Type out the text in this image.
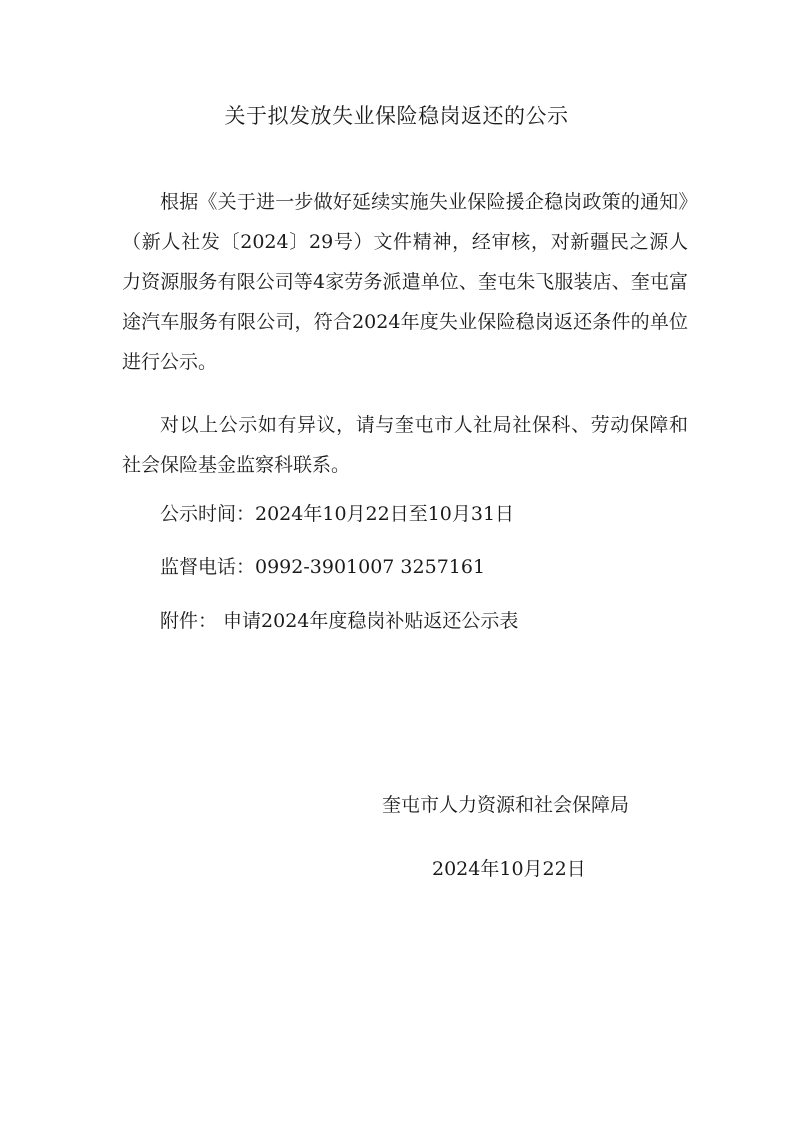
关于拟发放失业保险稳岗返还的公示

根据《关于进一步做好延续实施失业保险援企稳岗政策的通知》（新人社发〔2024〕29号）文件精神，经审核，对新疆民之源人力资源服务有限公司等4家劳务派遣单位、奎屯朱飞服装店、奎屯富途汽车服务有限公司，符合2024年度失业保险稳岗返还条件的单位进行公示。

对以上公示如有异议，请与奎屯市人社局社保科、劳动保障和社会保险基金监察科联系。

公示时间：2024年10月22日至10月31日
监督电话：0992-3901007 3257161
附件： 申请2024年度稳岗补贴返还公示表
奎屯市人力资源和社会保障局
2024年10月22日
